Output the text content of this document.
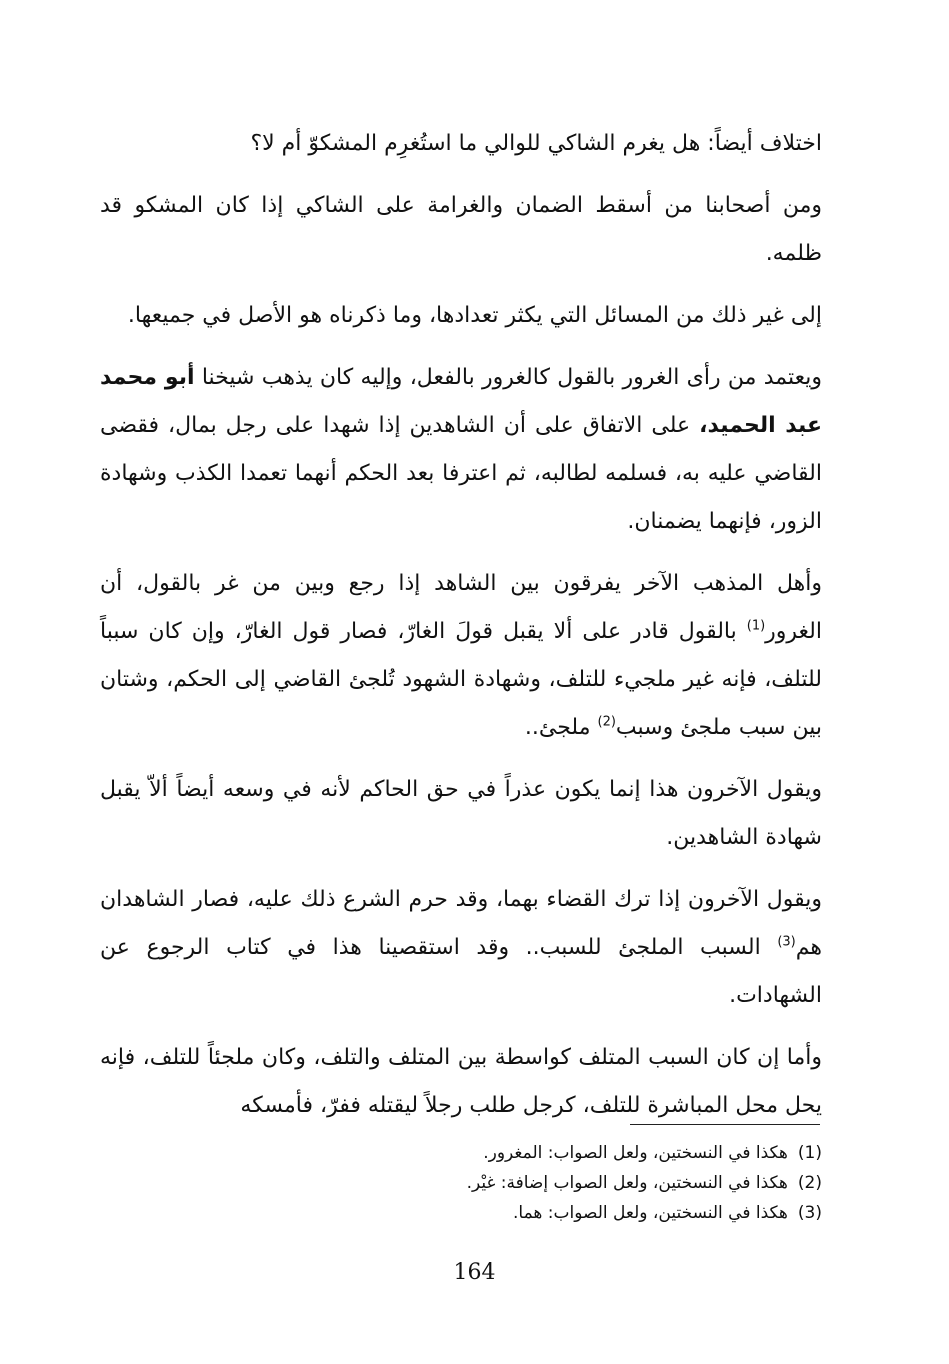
اختلاف أيضاً: هل يغرم الشاكي للوالي ما استُغرِم المشكوّ أم لا؟

ومن أصحابنا من أسقط الضمان والغرامة على الشاكي إذا كان المشكو قد ظلمه.

إلى غير ذلك من المسائل التي يكثر تعدادها، وما ذكرناه هو الأصل في جميعها.

ويعتمد من رأى الغرور بالقول كالغرور بالفعل، وإليه كان يذهب شيخنا أبو محمد عبد الحميد، على الاتفاق على أن الشاهدين إذا شهدا على رجل بمال، فقضى القاضي عليه به، فسلمه لطالبه، ثم اعترفا بعد الحكم أنهما تعمدا الكذب وشهادة الزور، فإنهما يضمنان.

وأهل المذهب الآخر يفرقون بين الشاهد إذا رجع وبين من غر بالقول، أن الغرور$^{(1)}$ بالقول قادر على ألا يقبل قولَ الغارّ، فصار قول الغارّ، وإن كان سبباً للتلف، فإنه غير ملجيء للتلف، وشهادة الشهود تُلجئ القاضي إلى الحكم، وشتان بين سبب ملجئ وسبب$^{(2)}$ ملجئ..

ويقول الآخرون هذا إنما يكون عذراً في حق الحاكم لأنه في وسعه أيضاً ألاّ يقبل شهادة الشاهدين.

ويقول الآخرون إذا ترك القضاء بهما، وقد حرم الشرع ذلك عليه، فصار الشاهدان هم$^{(3)}$ السبب الملجئ للسبب.. وقد استقصينا هذا في كتاب الرجوع عن الشهادات.

وأما إن كان السبب المتلف كواسطة بين المتلف والتلف، وكان ملجئاً للتلف، فإنه يحل محل المباشرة للتلف، كرجل طلب رجلاً ليقتله ففرّ، فأمسكه

(1)هكذا في النسختين، ولعل الصواب: المغرور.

(2)هكذا في النسختين، ولعل الصواب إضافة: غيْر.

(3)هكذا في النسختين، ولعل الصواب: هما.

164
